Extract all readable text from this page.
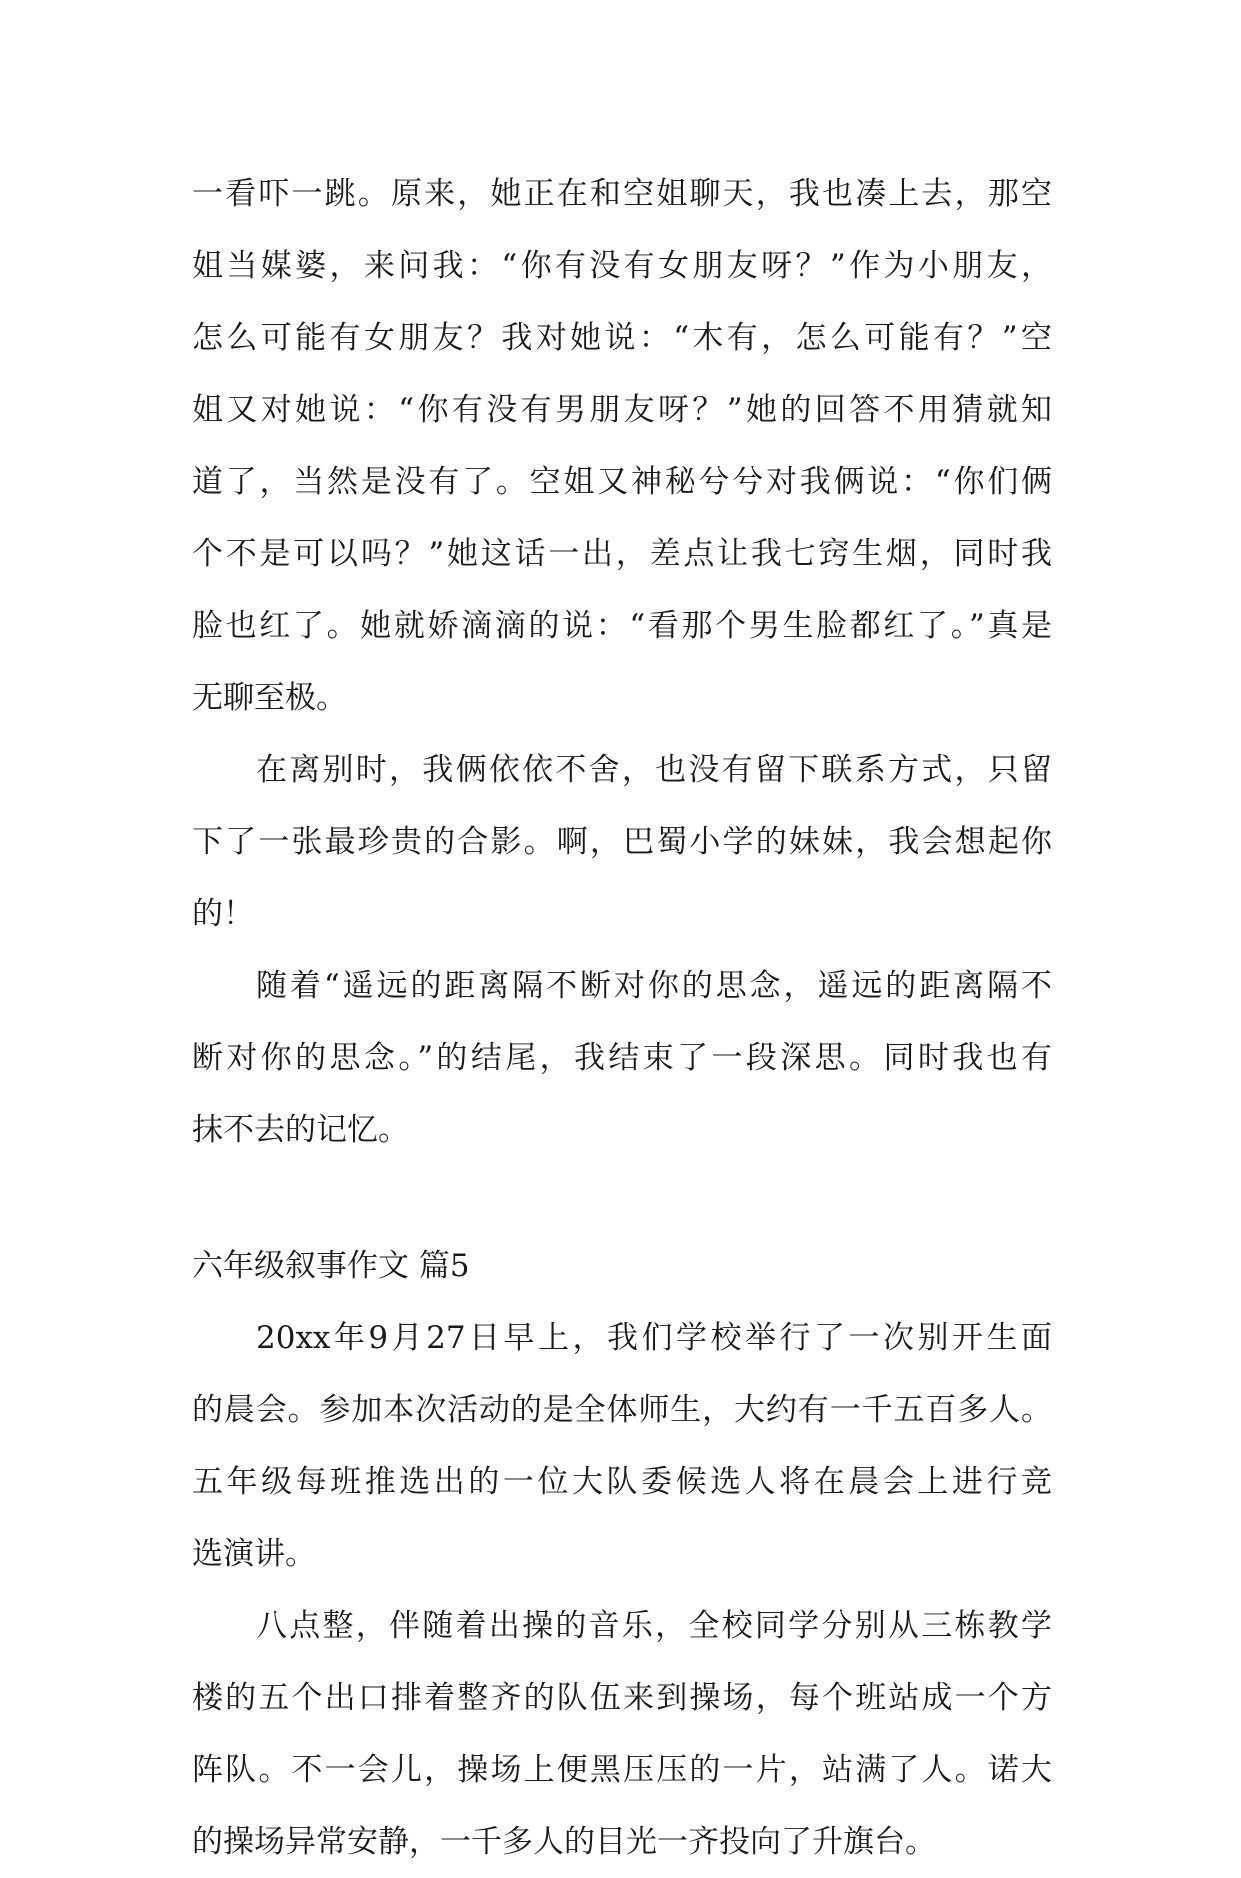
一看吓一跳。原来，她正在和空姐聊天，我也凑上去，那空
姐当媒婆，来问我：“你有没有女朋友呀？”作为小朋友，
怎么可能有女朋友？我对她说：“木有，怎么可能有？”空
姐又对她说：“你有没有男朋友呀？”她的回答不用猜就知
道了，当然是没有了。空姐又神秘兮兮对我俩说：“你们俩
个不是可以吗？”她这话一出，差点让我七窍生烟，同时我
脸也红了。她就娇滴滴的说：“看那个男生脸都红了。”真是
无聊至极。
在离别时，我俩依依不舍，也没有留下联系方式，只留
下了一张最珍贵的合影。啊，巴蜀小学的妹妹，我会想起你
的！
随着“遥远的距离隔不断对你的思念，遥远的距离隔不
断对你的思念。”的结尾，我结束了一段深思。同时我也有
抹不去的记忆。
六年级叙事作文 篇5
20xx年9月27日早上，我们学校举行了一次别开生面
的晨会。参加本次活动的是全体师生，大约有一千五百多人。
五年级每班推选出的一位大队委候选人将在晨会上进行竞
选演讲。
八点整，伴随着出操的音乐，全校同学分别从三栋教学
楼的五个出口排着整齐的队伍来到操场，每个班站成一个方
阵队。不一会儿，操场上便黑压压的一片，站满了人。诺大
的操场异常安静，一千多人的目光一齐投向了升旗台。
